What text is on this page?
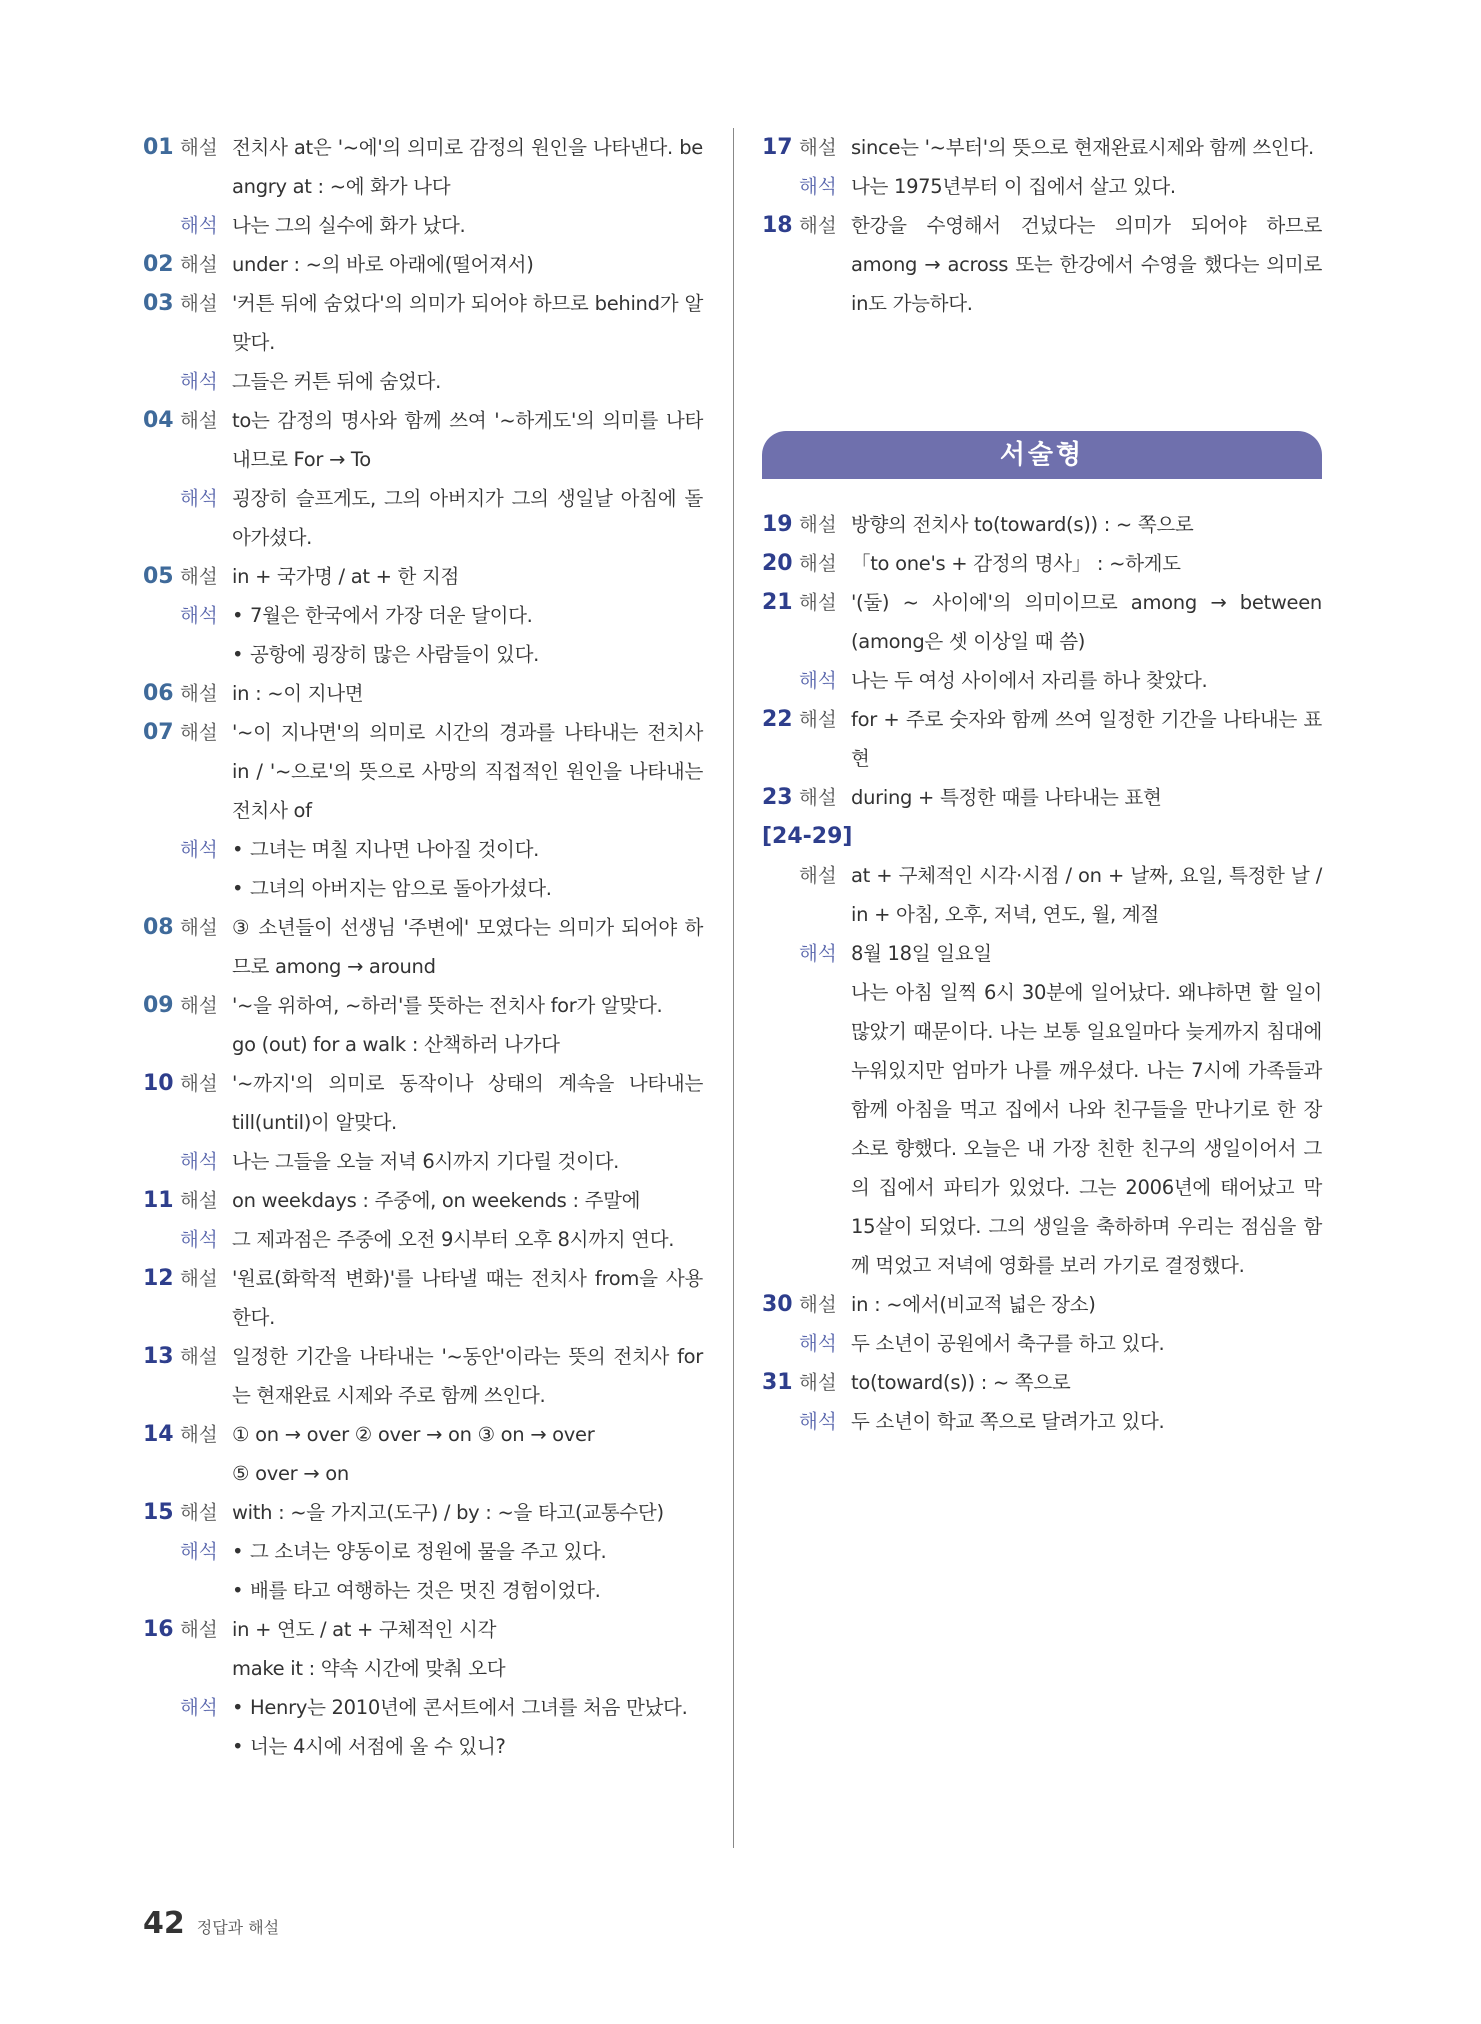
01 해설 전치사 at은 '~에'의 의미로 감정의 원인을 나타낸다. be angry at : ~에 화가 나다
해석 나는 그의 실수에 화가 났다.
02 해설 under : ~의 바로 아래에(떨어져서)
03 해설 '커튼 뒤에 숨었다'의 의미가 되어야 하므로 behind가 알맞다.
해석 그들은 커튼 뒤에 숨었다.
04 해설 to는 감정의 명사와 함께 쓰여 '~하게도'의 의미를 나타내므로 For → To
해석 굉장히 슬프게도, 그의 아버지가 그의 생일날 아침에 돌아가셨다.
05 해설 in + 국가명 / at + 한 지점
해석 • 7월은 한국에서 가장 더운 달이다.
• 공항에 굉장히 많은 사람들이 있다.
06 해설 in : ~이 지나면
07 해설 '~이 지나면'의 의미로 시간의 경과를 나타내는 전치사 in / '~으로'의 뜻으로 사망의 직접적인 원인을 나타내는 전치사 of
해석 • 그녀는 며칠 지나면 나아질 것이다.
• 그녀의 아버지는 암으로 돌아가셨다.
08 해설 ③ 소년들이 선생님 '주변에' 모였다는 의미가 되어야 하므로 among → around
09 해설 '~을 위하여, ~하러'를 뜻하는 전치사 for가 알맞다.
go (out) for a walk : 산책하러 나가다
10 해설 '~까지'의 의미로 동작이나 상태의 계속을 나타내는 till(until)이 알맞다.
해석 나는 그들을 오늘 저녁 6시까지 기다릴 것이다.
11 해설 on weekdays : 주중에, on weekends : 주말에
해석 그 제과점은 주중에 오전 9시부터 오후 8시까지 연다.
12 해설 '원료(화학적 변화)'를 나타낼 때는 전치사 from을 사용한다.
13 해설 일정한 기간을 나타내는 '~동안'이라는 뜻의 전치사 for는 현재완료 시제와 주로 함께 쓰인다.
14 해설 ① on → over ② over → on ③ on → over
⑤ over → on
15 해설 with : ~을 가지고(도구) / by : ~을 타고(교통수단)
해석 • 그 소녀는 양동이로 정원에 물을 주고 있다.
• 배를 타고 여행하는 것은 멋진 경험이었다.
16 해설 in + 연도 / at + 구체적인 시각
make it : 약속 시간에 맞춰 오다
해석 • Henry는 2010년에 콘서트에서 그녀를 처음 만났다.
• 너는 4시에 서점에 올 수 있니?
17 해설 since는 '~부터'의 뜻으로 현재완료시제와 함께 쓰인다.
해석 나는 1975년부터 이 집에서 살고 있다.
18 해설 한강을 수영해서 건넜다는 의미가 되어야 하므로 among → across 또는 한강에서 수영을 했다는 의미로 in도 가능하다.
서술형
19 해설 방향의 전치사 to(toward(s)) : ~ 쪽으로
20 해설 「to one's + 감정의 명사」 : ~하게도
21 해설 '(둘) ~ 사이에'의 의미이므로 among → between (among은 셋 이상일 때 씀)
해석 나는 두 여성 사이에서 자리를 하나 찾았다.
22 해설 for + 주로 숫자와 함께 쓰여 일정한 기간을 나타내는 표현
23 해설 during + 특정한 때를 나타내는 표현
[24-29]
해설 at + 구체적인 시각·시점 / on + 날짜, 요일, 특정한 날 / in + 아침, 오후, 저녁, 연도, 월, 계절
해석 8월 18일 일요일
나는 아침 일찍 6시 30분에 일어났다. 왜냐하면 할 일이 많았기 때문이다. 나는 보통 일요일마다 늦게까지 침대에 누워있지만 엄마가 나를 깨우셨다. 나는 7시에 가족들과 함께 아침을 먹고 집에서 나와 친구들을 만나기로 한 장소로 향했다. 오늘은 내 가장 친한 친구의 생일이어서 그의 집에서 파티가 있었다. 그는 2006년에 태어났고 막 15살이 되었다. 그의 생일을 축하하며 우리는 점심을 함께 먹었고 저녁에 영화를 보러 가기로 결정했다.
30 해설 in : ~에서(비교적 넓은 장소)
해석 두 소년이 공원에서 축구를 하고 있다.
31 해설 to(toward(s)) : ~ 쪽으로
해석 두 소년이 학교 쪽으로 달려가고 있다.
42 정답과 해설
